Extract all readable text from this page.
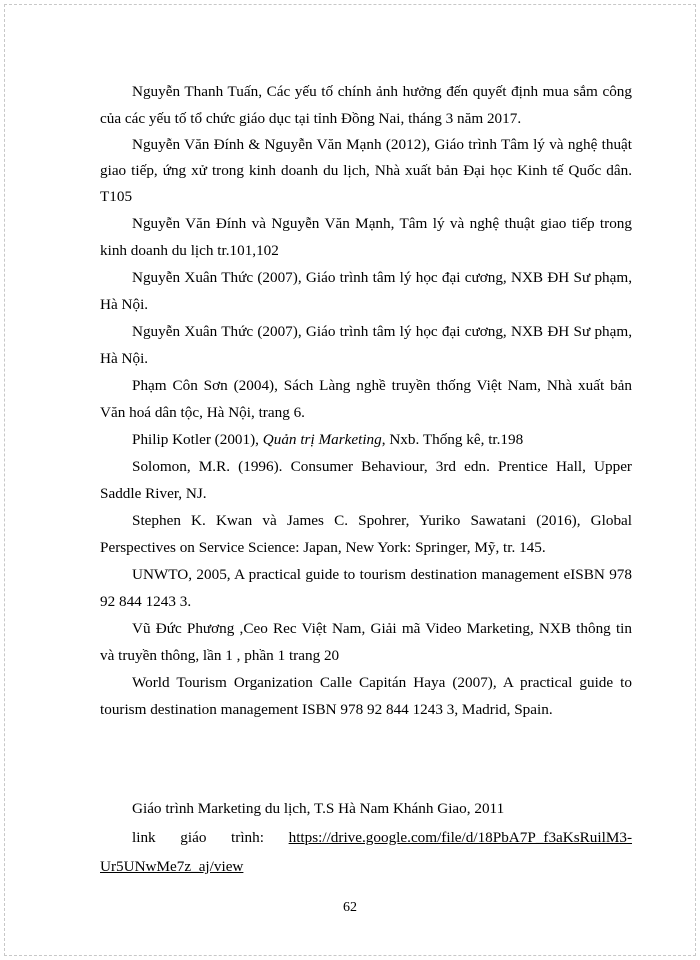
Nguyễn Thanh Tuấn, Các yếu tố chính ảnh hưởng đến quyết định mua sắm công của các yếu tố tổ chức giáo dục tại tỉnh Đồng Nai, tháng 3 năm 2017.

Nguyễn Văn Đính & Nguyễn Văn Mạnh (2012), Giáo trình Tâm lý và nghệ thuật giao tiếp, ứng xử trong kinh doanh du lịch, Nhà xuất bản Đại học Kinh tế Quốc dân. T105

Nguyễn Văn Đính và Nguyễn Văn Mạnh, Tâm lý và nghệ thuật giao tiếp trong kinh doanh du lịch tr.101,102

Nguyễn Xuân Thức (2007), Giáo trình tâm lý học đại cương, NXB ĐH Sư phạm, Hà Nội.

Nguyễn Xuân Thức (2007), Giáo trình tâm lý học đại cương, NXB ĐH Sư phạm, Hà Nội.

Phạm Côn Sơn (2004), Sách Làng nghề truyền thống Việt Nam, Nhà xuất bản Văn hoá dân tộc, Hà Nội, trang 6.

Philip Kotler (2001), Quản trị Marketing, Nxb. Thống kê, tr.198

Solomon, M.R. (1996). Consumer Behaviour, 3rd edn. Prentice Hall, Upper Saddle River, NJ.

Stephen K. Kwan và James C. Spohrer, Yuriko Sawatani (2016), Global Perspectives on Service Science: Japan, New York: Springer, Mỹ, tr. 145.

UNWTO, 2005, A practical guide to tourism destination management eISBN 978 92 844 1243 3.

Vũ Đức Phương ,Ceo Rec Việt Nam, Giải mã Video Marketing, NXB thông tin và truyền thông, lần 1 , phần 1 trang 20

World Tourism Organization Calle Capitán Haya (2007), A practical guide to tourism destination management ISBN 978 92 844 1243 3, Madrid, Spain.

Giáo trình Marketing du lịch, T.S Hà Nam Khánh Giao, 2011

link giáo trình: https://drive.google.com/file/d/18PbA7P_f3aKsRuilM3-Ur5UNwMe7z_aj/view

62
